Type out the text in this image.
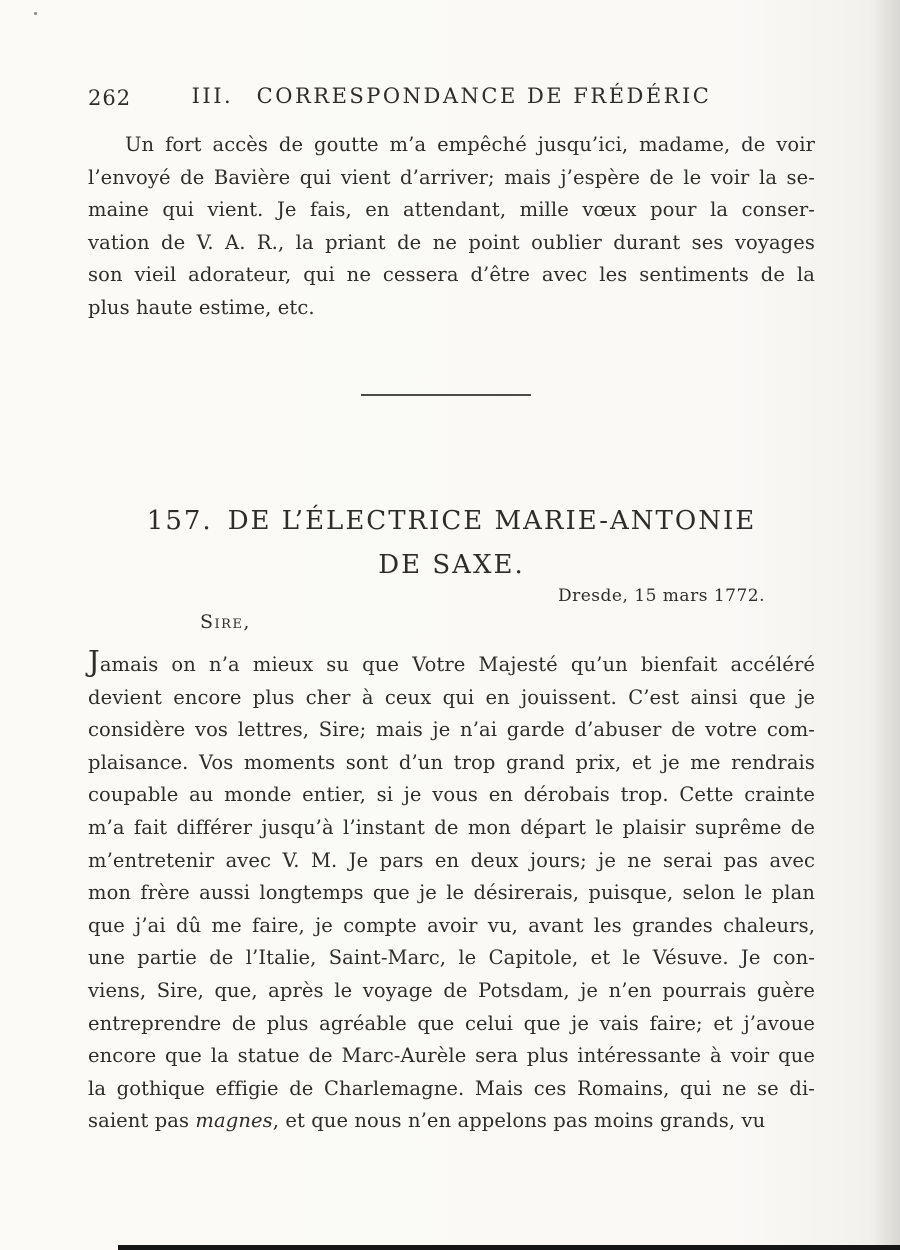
262	III. CORRESPONDANCE DE FRÉDÉRIC
Un fort accès de goutte m’a empêché jusqu’ici, madame, de voir
l’envoyé de Bavière qui vient d’arriver; mais j’espère de le voir la se-
maine qui vient. Je fais, en attendant, mille vœux pour la conser-
vation de V. A. R., la priant de ne point oublier durant ses voyages
son vieil adorateur, qui ne cessera d’être avec les sentiments de la
plus haute estime, etc.
157. DE L’ÉLECTRICE MARIE-ANTONIE
DE SAXE.
Dresde, 15 mars 1772.
Sire,
Jamais on n’a mieux su que Votre Majesté qu’un bienfait accéléré
devient encore plus cher à ceux qui en jouissent. C’est ainsi que je
considère vos lettres, Sire; mais je n’ai garde d’abuser de votre com-
plaisance. Vos moments sont d’un trop grand prix, et je me rendrais
coupable au monde entier, si je vous en dérobais trop. Cette crainte
m’a fait différer jusqu’à l’instant de mon départ le plaisir suprême de
m’entretenir avec V. M. Je pars en deux jours; je ne serai pas avec
mon frère aussi longtemps que je le désirerais, puisque, selon le plan
que j’ai dû me faire, je compte avoir vu, avant les grandes chaleurs,
une partie de l’Italie, Saint-Marc, le Capitole, et le Vésuve. Je con-
viens, Sire, que, après le voyage de Potsdam, je n’en pourrais guère
entreprendre de plus agréable que celui que je vais faire; et j’avoue
encore que la statue de Marc-Aurèle sera plus intéressante à voir que
la gothique effigie de Charlemagne. Mais ces Romains, qui ne se di-
saient pas magnes, et que nous n’en appelons pas moins grands, vu
